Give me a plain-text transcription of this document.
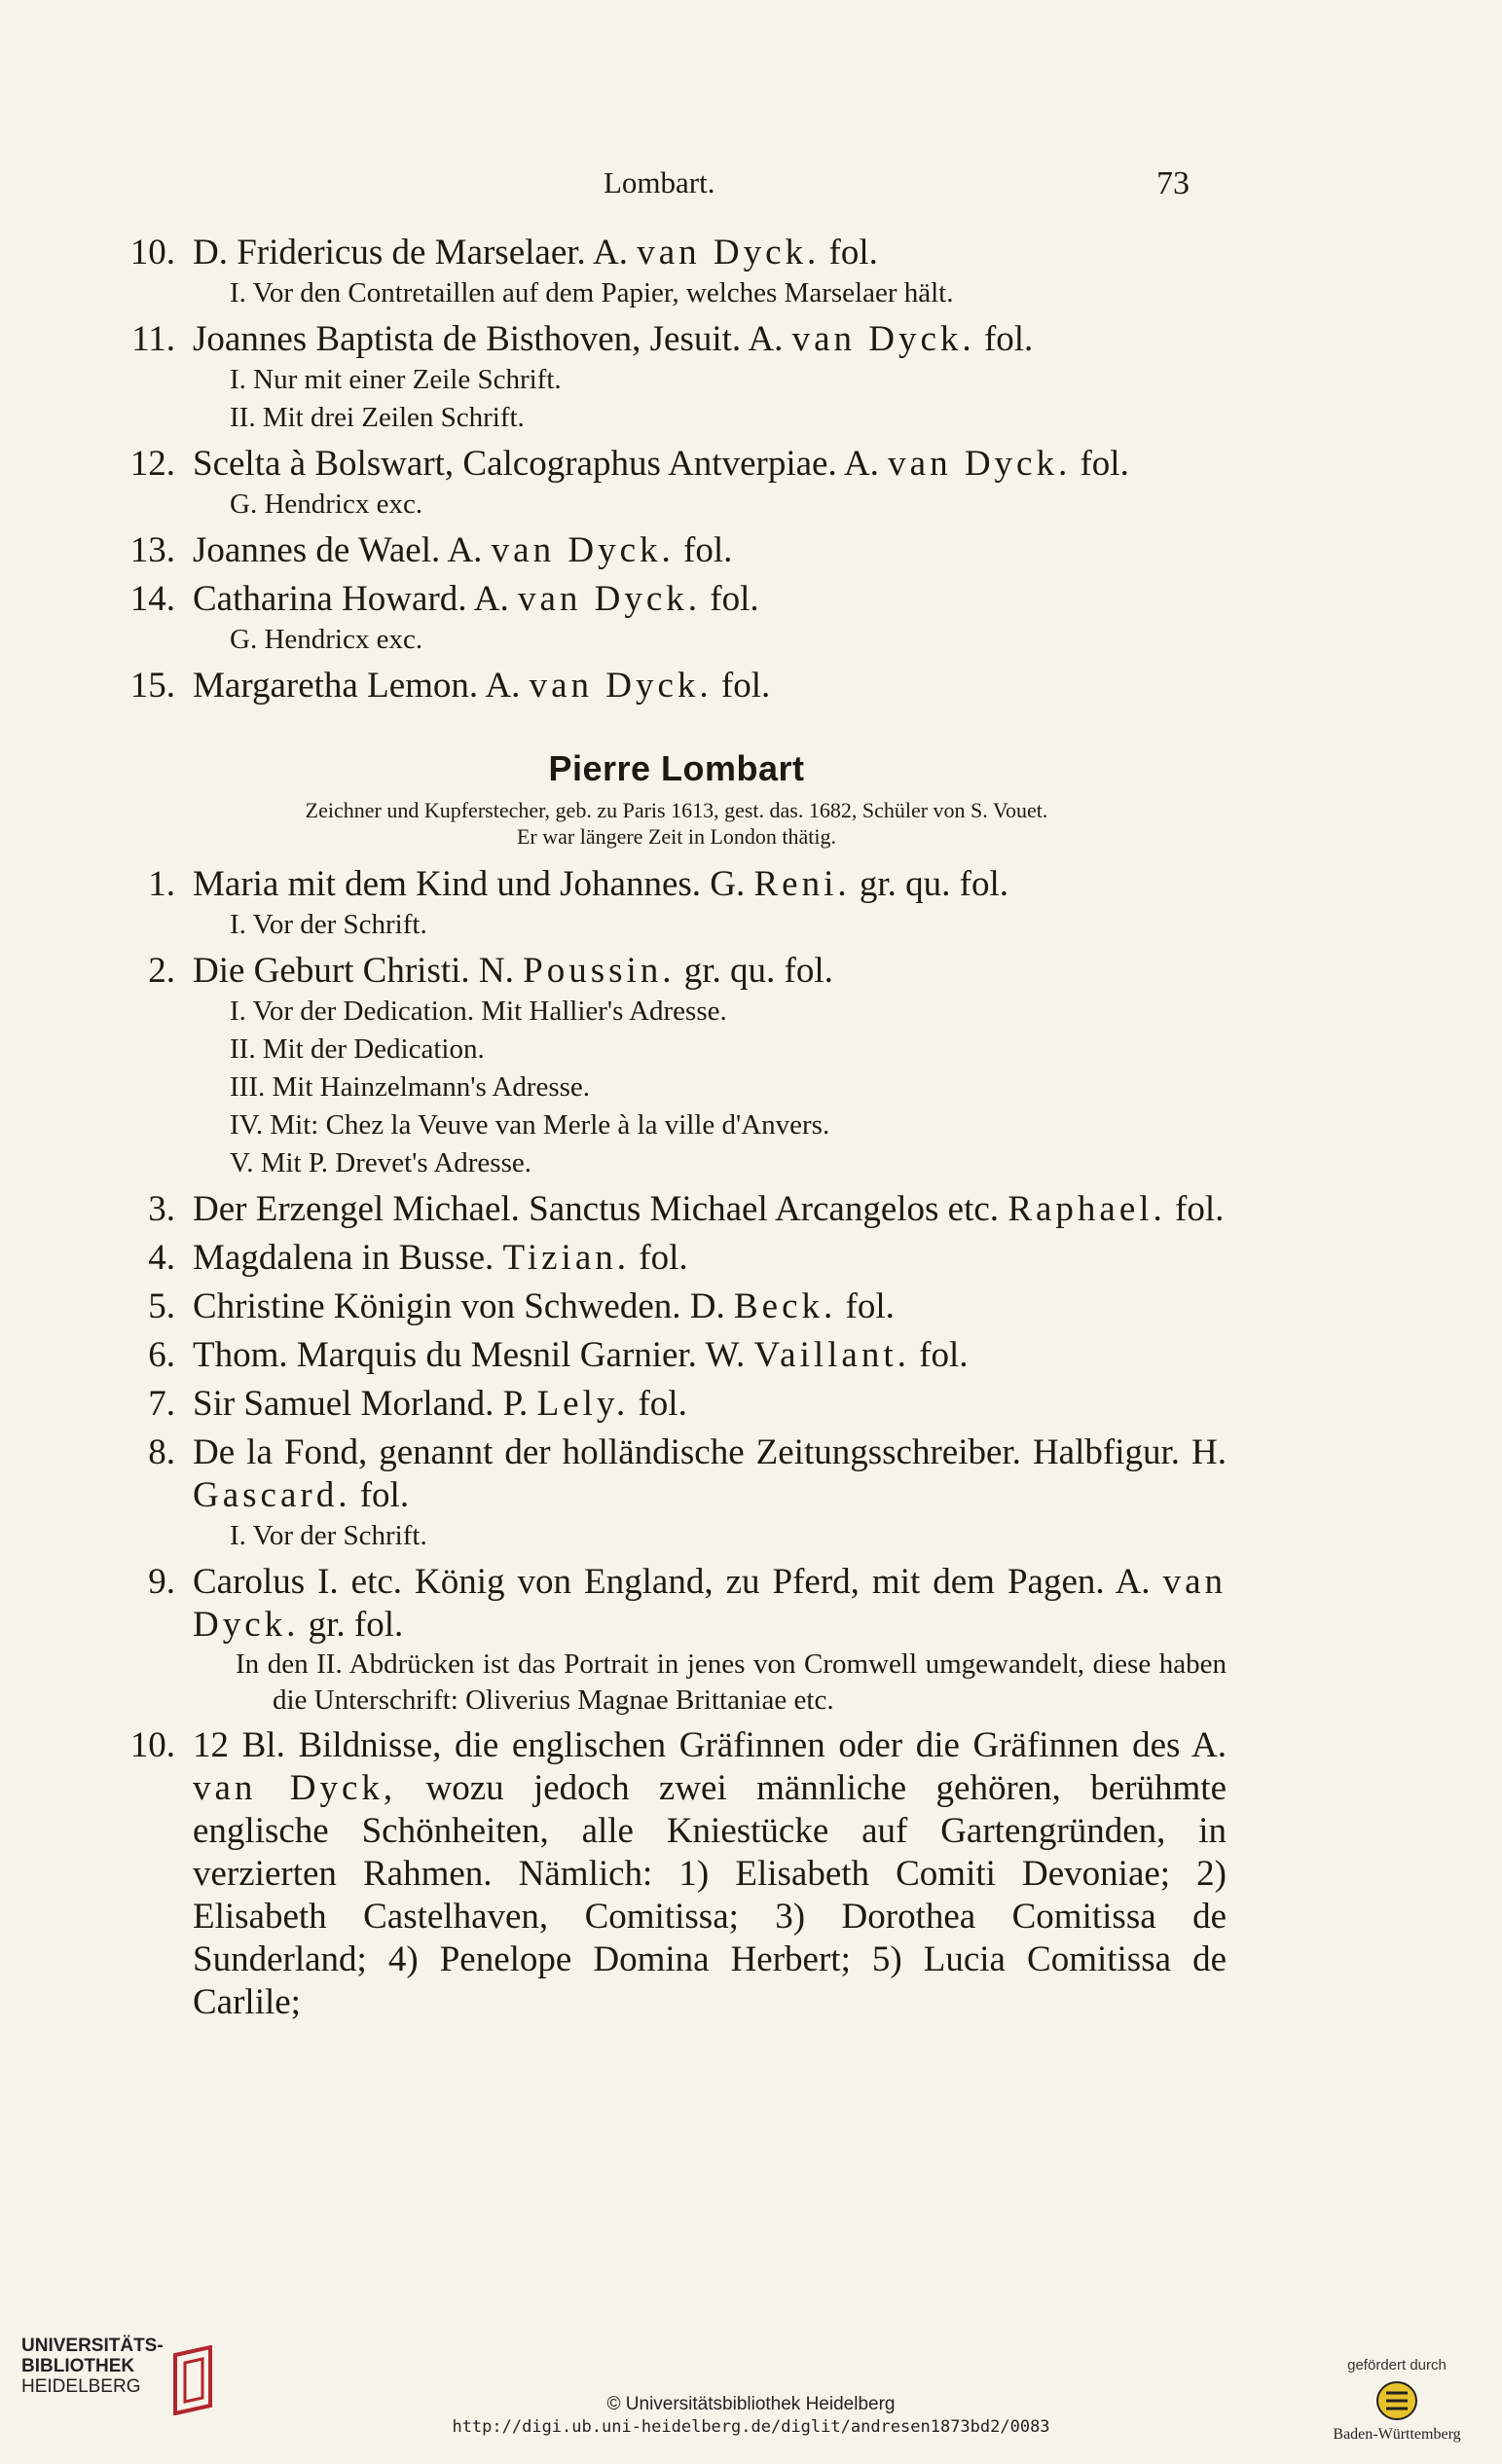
Lombart.	73
10. D. Fridericus de Marselaer. A. van Dyck. fol.
I. Vor den Contretaillen auf dem Papier, welches Marselaer hält.
11. Joannes Baptista de Bisthoven, Jesuit. A. van Dyck. fol.
I. Nur mit einer Zeile Schrift.
II. Mit drei Zeilen Schrift.
12. Scelta à Bolswart, Calcographus Antverpiae. A. van Dyck. fol.
G. Hendricx exc.
13. Joannes de Wael. A. van Dyck. fol.
14. Catharina Howard. A. van Dyck. fol.
G. Hendricx exc.
15. Margaretha Lemon. A. van Dyck. fol.
Pierre Lombart
Zeichner und Kupferstecher, geb. zu Paris 1613, gest. das. 1682, Schüler von S. Vouet.
Er war längere Zeit in London thätig.
1. Maria mit dem Kind und Johannes. G. Reni. gr. qu. fol.
I. Vor der Schrift.
2. Die Geburt Christi. N. Poussin. gr. qu. fol.
I. Vor der Dedication. Mit Hallier's Adresse.
II. Mit der Dedication.
III. Mit Hainzelmann's Adresse.
IV. Mit: Chez la Veuve van Merle à la ville d'Anvers.
V. Mit P. Drevet's Adresse.
3. Der Erzengel Michael. Sanctus Michael Arcangelos etc. Raphael. fol.
4. Magdalena in Busse. Tizian. fol.
5. Christine Königin von Schweden. D. Beck. fol.
6. Thom. Marquis du Mesnil Garnier. W. Vaillant. fol.
7. Sir Samuel Morland. P. Lely. fol.
8. De la Fond, genannt der holländische Zeitungsschreiber. Halbfigur. H. Gascard. fol.
I. Vor der Schrift.
9. Carolus I. etc. König von England, zu Pferd, mit dem Pagen. A. van Dyck. gr. fol.
In den II. Abdrücken ist das Portrait in jenes von Cromwell umgewandelt, diese haben die Unterschrift: Oliverius Magnae Brittaniae etc.
10. 12 Bl. Bildnisse, die englischen Gräfinnen oder die Gräfinnen des A. van Dyck, wozu jedoch zwei männliche gehören, berühmte englische Schönheiten, alle Kniestücke auf Gartengründen, in verzierten Rahmen. Nämlich: 1) Elisabeth Comiti Devoniae; 2) Elisabeth Castelhaven, Comitissa; 3) Dorothea Comitissa de Sunderland; 4) Penelope Domina Herbert; 5) Lucia Comitissa de Carlile;
UNIVERSITÄTS-
BIBLIOTHEK
HEIDELBERG
© Universitätsbibliothek Heidelberg
http://digi.ub.uni-heidelberg.de/diglit/andresen1873bd2/0083
gefördert durch
Baden-Württemberg
